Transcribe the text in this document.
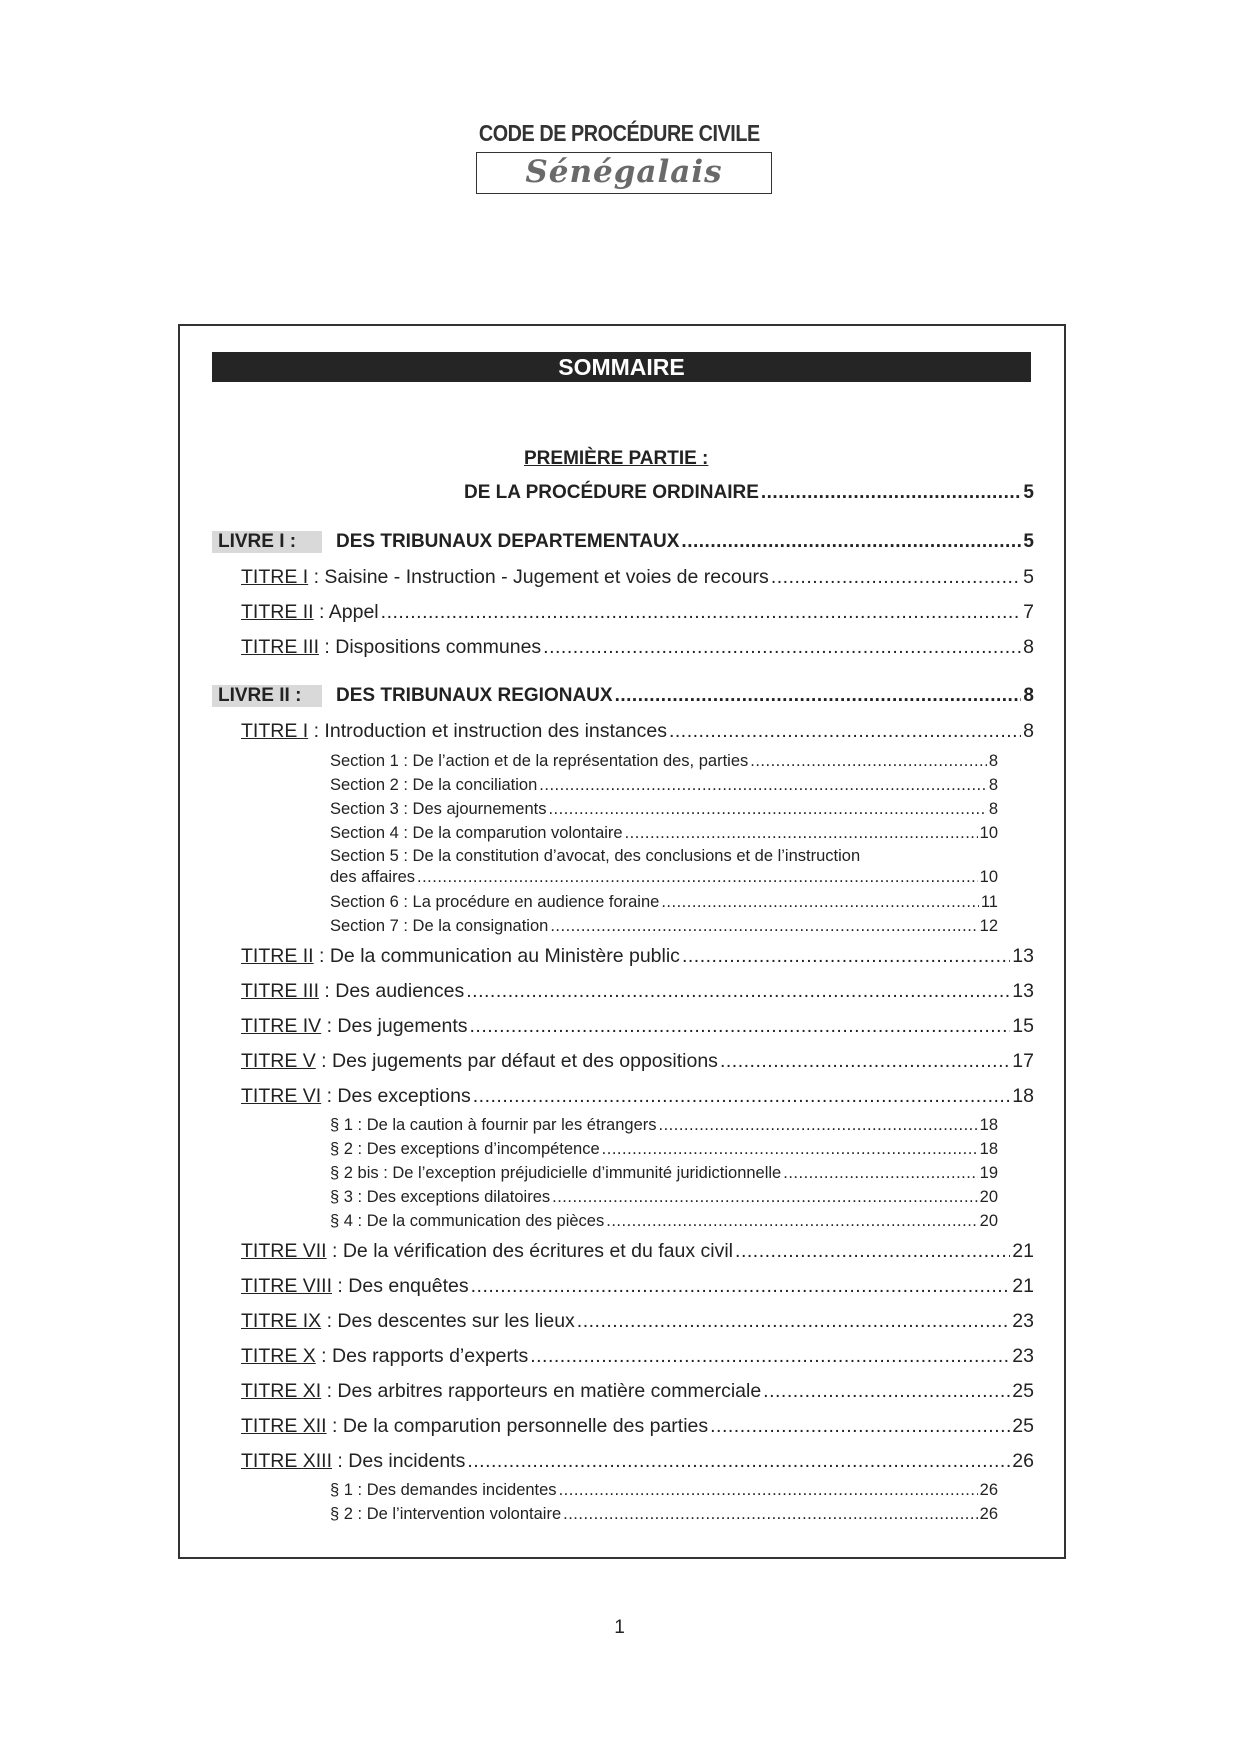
CODE DE PROCÉDURE CIVILE
Sénégalais
SOMMAIRE
PREMIÈRE PARTIE :
DE LA PROCÉDURE ORDINAIRE .....	5
LIVRE I :	DES TRIBUNAUX DEPARTEMENTAUX .....	5
TITRE I : Saisine - Instruction - Jugement et voies de recours .....	5
TITRE II : Appel .....	7
TITRE III : Dispositions communes .....	8
LIVRE II :	DES TRIBUNAUX REGIONAUX .....	8
TITRE I : Introduction et instruction des instances .....	8
Section 1 : De l’action et de la représentation des, parties .....	8
Section 2 : De la conciliation .....	8
Section 3 : Des ajournements .....	8
Section 4 : De la comparution volontaire .....	10
Section 5 : De la constitution d’avocat, des conclusions et de l’instruction
des affaires .....	10
Section 6 : La procédure en audience foraine .....	11
Section 7 : De la consignation .....	12
TITRE II : De la communication au Ministère public .....	13
TITRE III : Des audiences .....	13
TITRE IV : Des jugements .....	15
TITRE V : Des jugements par défaut et des oppositions .....	17
TITRE VI : Des exceptions .....	18
§ 1 : De la caution à fournir par les étrangers .....	18
§ 2 : Des exceptions d’incompétence .....	18
§ 2 bis : De l’exception préjudicielle d’immunité juridictionnelle .....	19
§ 3 : Des exceptions dilatoires .....	20
§ 4 : De la communication des pièces .....	20
TITRE VII : De la vérification des écritures et du faux civil .....	21
TITRE VIII : Des enquêtes .....	21
TITRE IX : Des descentes sur les lieux .....	23
TITRE X : Des rapports d’experts .....	23
TITRE XI : Des arbitres rapporteurs en matière commerciale .....	25
TITRE XII : De la comparution personnelle des parties .....	25
TITRE XIII : Des incidents .....	26
§ 1 : Des demandes incidentes .....	26
§ 2 : De l’intervention volontaire .....	26
1
